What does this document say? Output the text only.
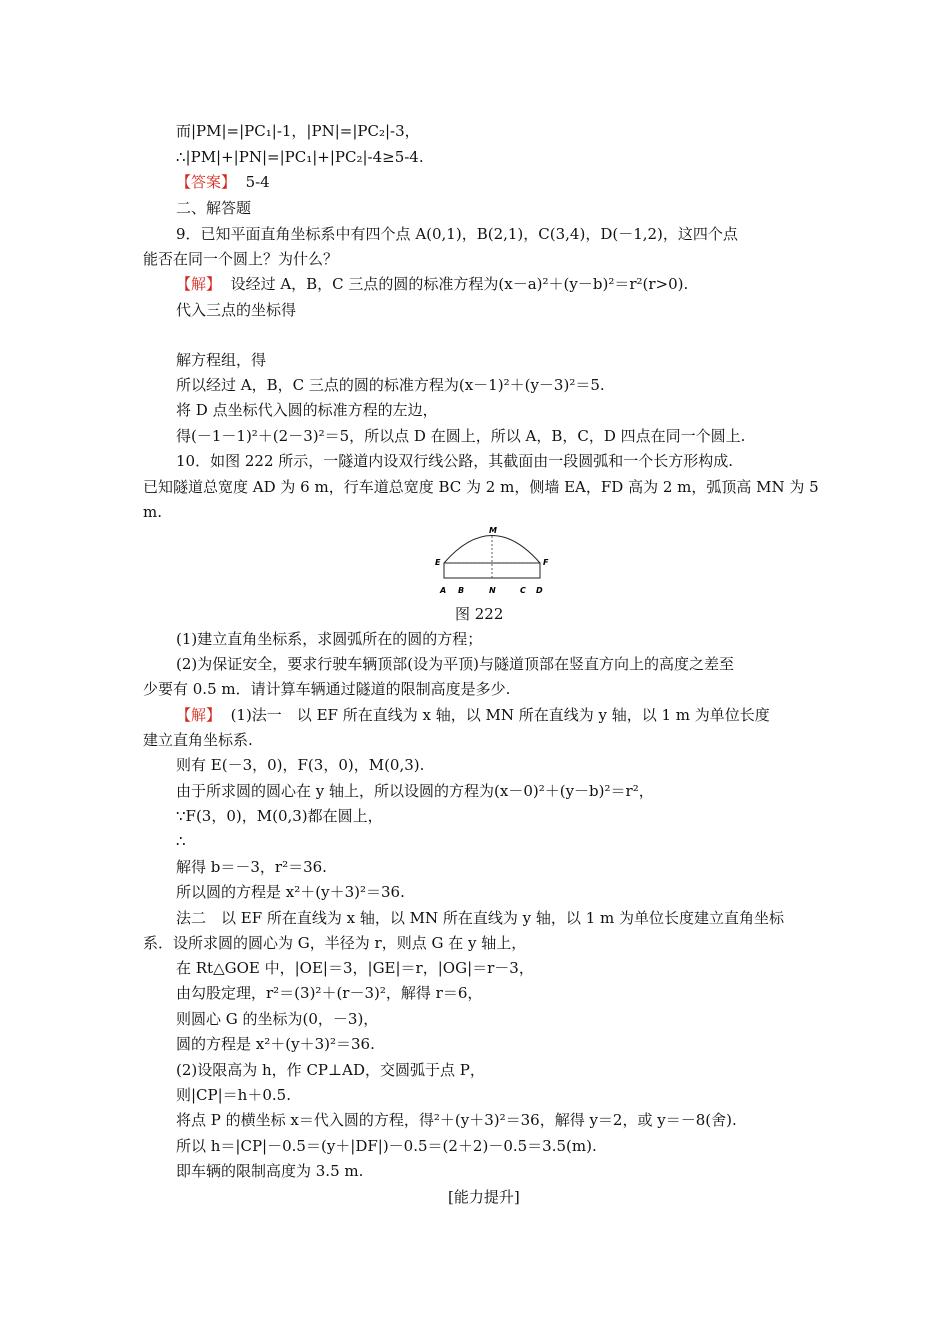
而|PM|=|PC₁|-1，|PN|=|PC₂|-3，
∴|PM|+|PN|=|PC₁|+|PC₂|-4≥5-4.
【答案】 5-4
二、解答题
9．已知平面直角坐标系中有四个点 A(0,1)，B(2,1)，C(3,4)，D(－1,2)，这四个点
能否在同一个圆上？为什么？
【解】 设经过 A，B，C 三点的圆的标准方程为(x－a)²＋(y－b)²＝r²(r>0).
代入三点的坐标得
解方程组，得
所以经过 A，B，C 三点的圆的标准方程为(x－1)²＋(y－3)²＝5.
将 D 点坐标代入圆的标准方程的左边，
得(－1－1)²＋(2－3)²＝5，所以点 D 在圆上，所以 A，B，C，D 四点在同一个圆上.
10．如图 222 所示，一隧道内设双行线公路，其截面由一段圆弧和一个长方形构成.
已知隧道总宽度 AD 为 6 m，行车道总宽度 BC 为 2 m，侧墙 EA，FD 高为 2 m，弧顶高 MN 为 5
m.
M
E	F
A B	N	C D
图 222
(1)建立直角坐标系，求圆弧所在的圆的方程；
(2)为保证安全，要求行驶车辆顶部(设为平顶)与隧道顶部在竖直方向上的高度之差至
少要有 0.5 m．请计算车辆通过隧道的限制高度是多少.
【解】 (1)法一　以 EF 所在直线为 x 轴，以 MN 所在直线为 y 轴，以 1 m 为单位长度
建立直角坐标系.
则有 E(－3，0)，F(3，0)，M(0,3).
由于所求圆的圆心在 y 轴上，所以设圆的方程为(x－0)²＋(y－b)²＝r²，
∵F(3，0)，M(0,3)都在圆上，
∴
解得 b＝－3，r²＝36.
所以圆的方程是 x²＋(y＋3)²＝36.
法二　以 EF 所在直线为 x 轴，以 MN 所在直线为 y 轴，以 1 m 为单位长度建立直角坐标
系．设所求圆的圆心为 G，半径为 r，则点 G 在 y 轴上，
在 Rt△GOE 中，|OE|＝3，|GE|＝r，|OG|＝r－3，
由勾股定理，r²＝(3)²＋(r－3)²，解得 r＝6，
则圆心 G 的坐标为(0，－3)，
圆的方程是 x²＋(y＋3)²＝36.
(2)设限高为 h，作 CP⊥AD，交圆弧于点 P，
则|CP|＝h＋0.5.
将点 P 的横坐标 x＝代入圆的方程，得²＋(y＋3)²＝36，解得 y＝2，或 y＝－8(舍).
所以 h＝|CP|－0.5＝(y＋|DF|)－0.5＝(2＋2)－0.5＝3.5(m).
即车辆的限制高度为 3.5 m.
[能力提升]
